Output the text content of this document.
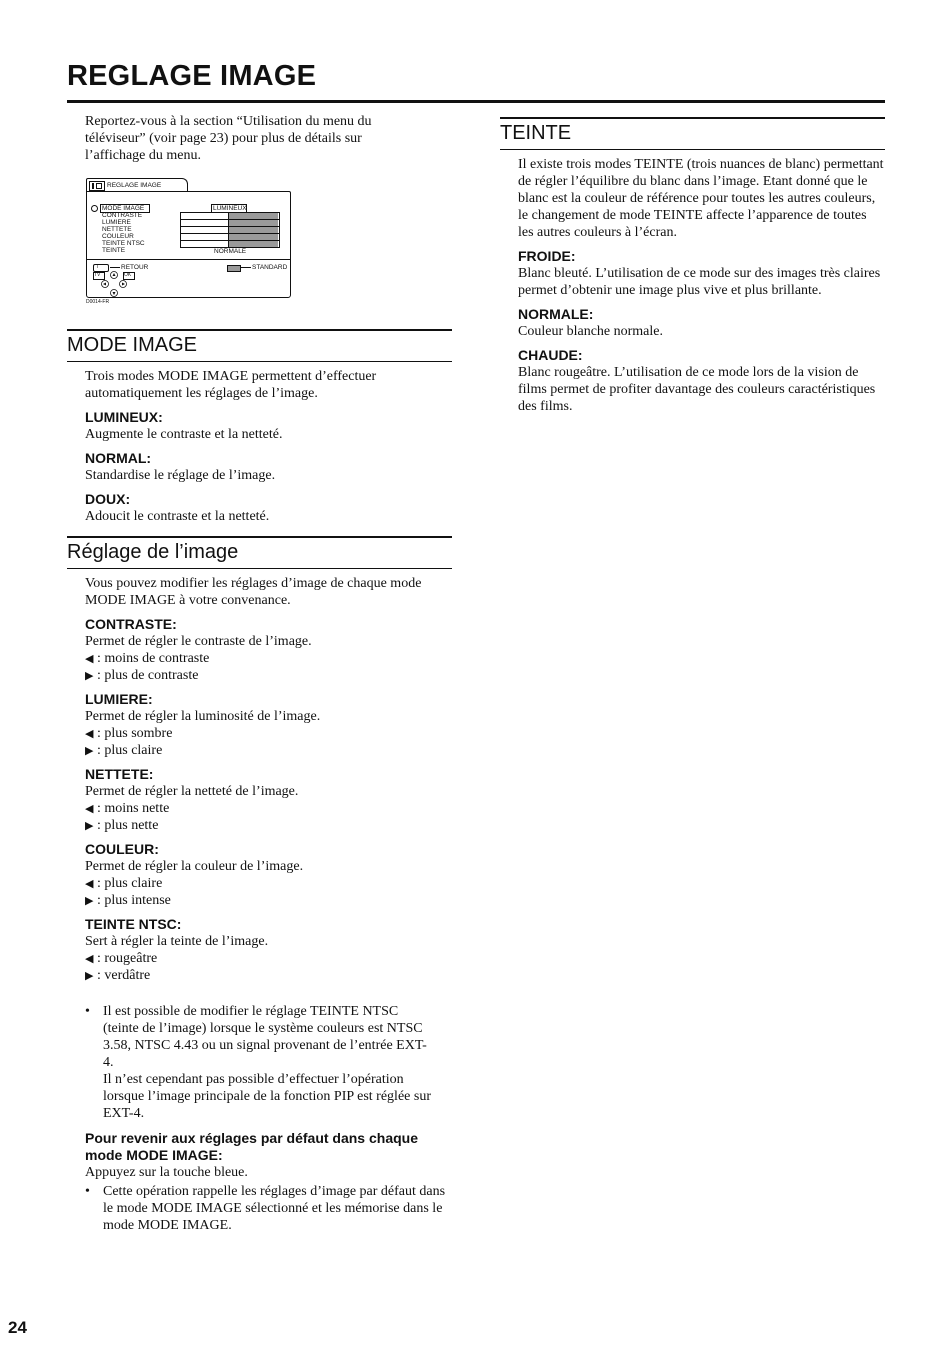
REGLAGE IMAGE

Reportez-vous à la section “Utilisation du menu du téléviseur” (voir page 23) pour plus de détails sur l’affichage du menu.

REGLAGE IMAGE
MODE IMAGE
CONTRASTE
LUMIERE
NETTETE
COULEUR
TEINTE NTSC
TEINTE
LUMINEUX
NORMALE
i	RETOUR
TV	OK
STANDARD
D0014-FR
MODE IMAGE

Trois modes MODE IMAGE permettent d’effectuer automatiquement les réglages de l’image.

LUMINEUX:

Augmente le contraste et la netteté.

NORMAL:

Standardise le réglage de l’image.

DOUX:

Adoucit le contraste et la netteté.

Réglage de l’image

Vous pouvez modifier les réglages d’image de chaque mode MODE IMAGE à votre convenance.

CONTRASTE:

Permet de régler le contraste de l’image.

◀ : moins de contraste

▶ : plus de contraste

LUMIERE:

Permet de régler la luminosité de l’image.

◀ : plus sombre

▶ : plus claire

NETTETE:

Permet de régler la netteté de l’image.

◀ : moins nette

▶ : plus nette

COULEUR:

Permet de régler la couleur de l’image.

◀ : plus claire

▶ : plus intense

TEINTE NTSC:

Sert à régler la teinte de l’image.

◀ : rougeâtre

▶ : verdâtre

• Il est possible de modifier le réglage TEINTE NTSC (teinte de l’image) lorsque le système couleurs est NTSC 3.58, NTSC 4.43 ou un signal provenant de l’entrée EXT-4.

Il n’est cependant pas possible d’effectuer l’opération lorsque l’image principale de la fonction PIP est réglée sur EXT-4.

Pour revenir aux réglages par défaut dans chaque mode MODE IMAGE:

Appuyez sur la touche bleue.

• Cette opération rappelle les réglages d’image par défaut dans le mode MODE IMAGE sélectionné et les mémorise dans le mode MODE IMAGE.

TEINTE

Il existe trois modes TEINTE (trois nuances de blanc) permettant de régler l’équilibre du blanc dans l’image. Etant donné que le blanc est la couleur de référence pour toutes les autres couleurs, le changement de mode TEINTE affecte l’apparence de toutes les autres couleurs à l’écran.

FROIDE:

Blanc bleuté. L’utilisation de ce mode sur des images très claires permet d’obtenir une image plus vive et plus brillante.

NORMALE:

Couleur blanche normale.

CHAUDE:

Blanc rougeâtre. L’utilisation de ce mode lors de la vision de films permet de profiter davantage des couleurs caractéristiques des films.

24
